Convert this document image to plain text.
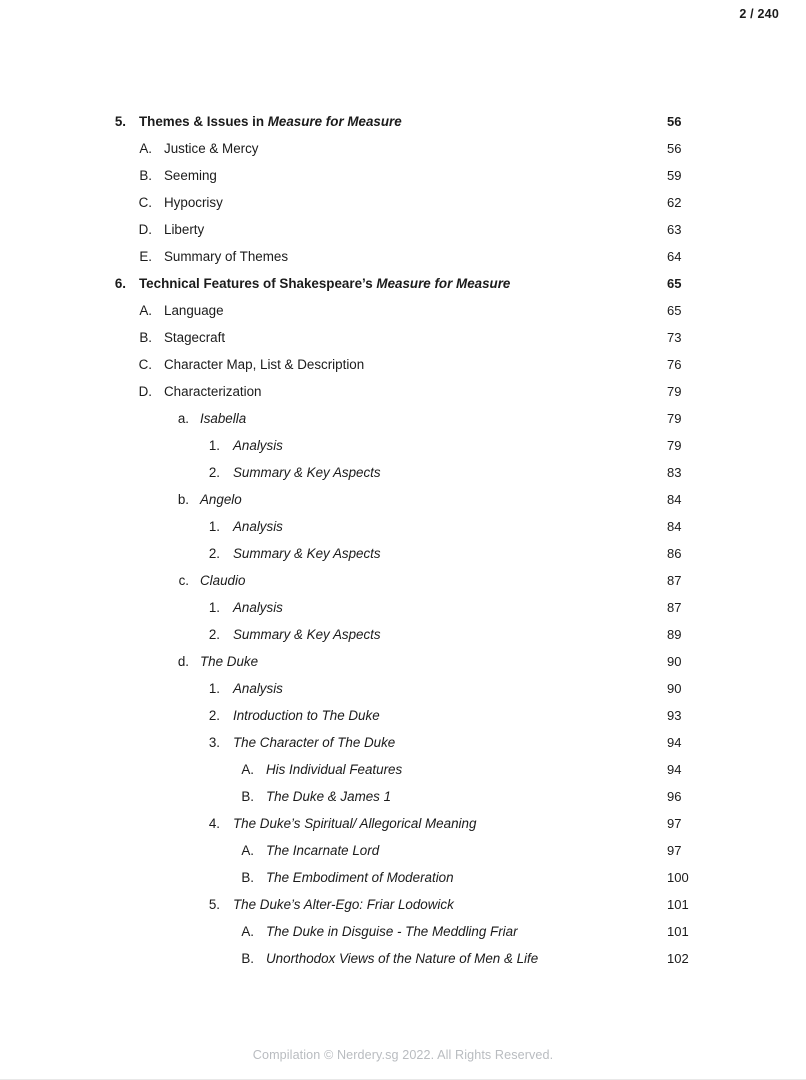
2 / 240
5. Themes & Issues in Measure for Measure	56
A. Justice & Mercy	56
B. Seeming	59
C. Hypocrisy	62
D. Liberty	63
E. Summary of Themes	64
6. Technical Features of Shakespeare’s Measure for Measure	65
A. Language	65
B. Stagecraft	73
C. Character Map, List & Description	76
D. Characterization	79
a. Isabella	79
1. Analysis	79
2. Summary & Key Aspects	83
b. Angelo	84
1. Analysis	84
2. Summary & Key Aspects	86
c. Claudio	87
1. Analysis	87
2. Summary & Key Aspects	89
d. The Duke	90
1. Analysis	90
2. Introduction to The Duke	93
3. The Character of The Duke	94
A. His Individual Features	94
B. The Duke & James 1	96
4. The Duke’s Spiritual/ Allegorical Meaning	97
A. The Incarnate Lord	97
B. The Embodiment of Moderation	100
5. The Duke’s Alter-Ego: Friar Lodowick	101
A. The Duke in Disguise - The Meddling Friar	101
B. Unorthodox Views of the Nature of Men & Life	102
Compilation © Nerdery.sg 2022. All Rights Reserved.
